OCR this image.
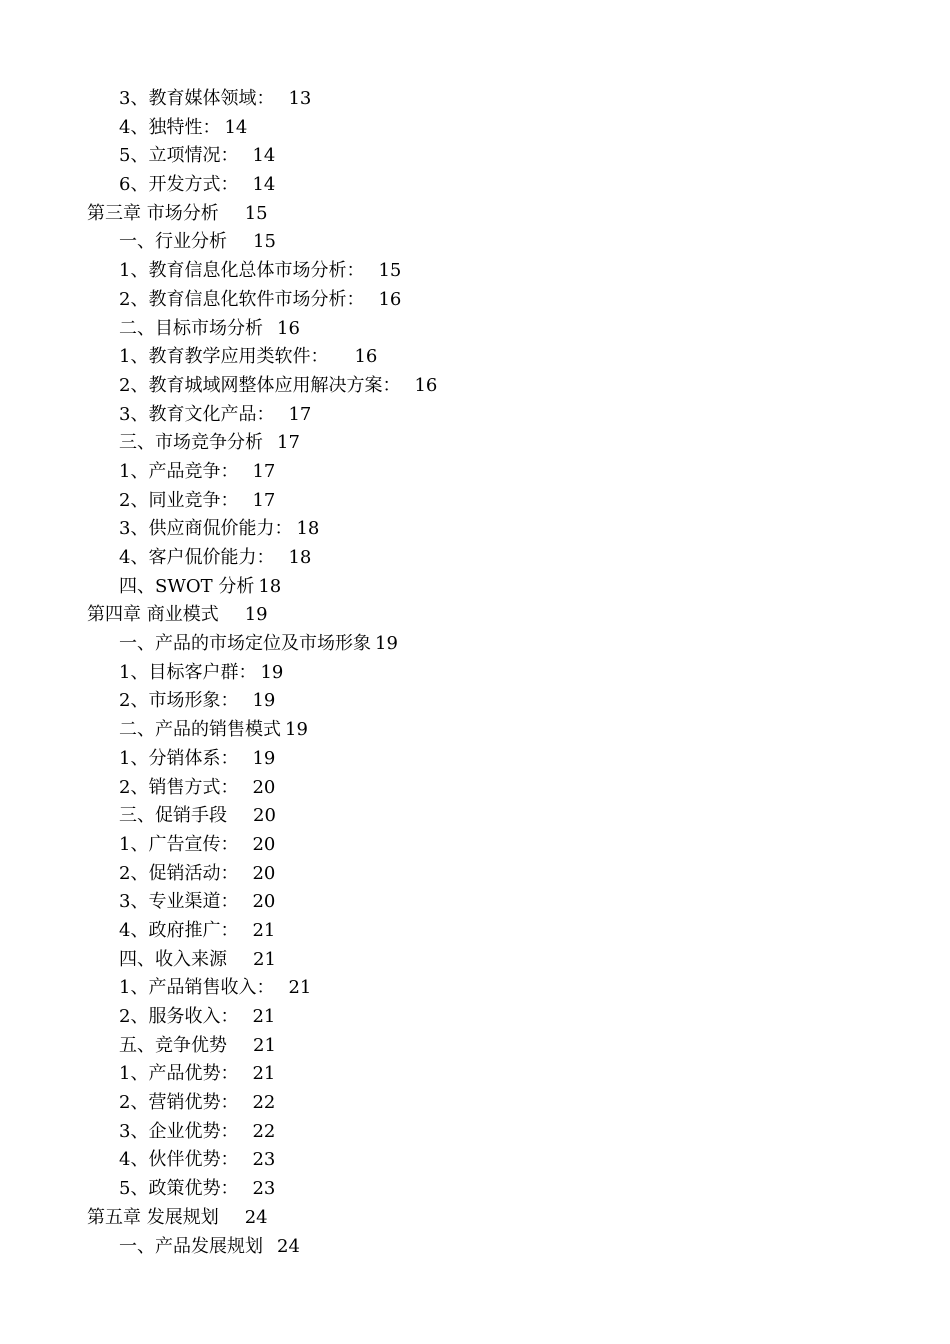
3、教育媒体领域： 13
4、独特性： 14
5、立项情况： 14
6、开发方式： 14
第三章 市场分析 15
一、行业分析 15
1、教育信息化总体市场分析： 15
2、教育信息化软件市场分析： 16
二、目标市场分析 16
1、教育教学应用类软件： 16
2、教育城域网整体应用解决方案： 16
3、教育文化产品： 17
三、市场竞争分析 17
1、产品竞争： 17
2、同业竞争： 17
3、供应商侃价能力： 18
4、客户侃价能力： 18
四、SWOT 分析 18
第四章 商业模式 19
一、产品的市场定位及市场形象 19
1、目标客户群： 19
2、市场形象： 19
二、产品的销售模式 19
1、分销体系： 19
2、销售方式： 20
三、促销手段 20
1、广告宣传： 20
2、促销活动： 20
3、专业渠道： 20
4、政府推广： 21
四、收入来源 21
1、产品销售收入： 21
2、服务收入： 21
五、竞争优势 21
1、产品优势： 21
2、营销优势： 22
3、企业优势： 22
4、伙伴优势： 23
5、政策优势： 23
第五章 发展规划 24
一、产品发展规划 24
